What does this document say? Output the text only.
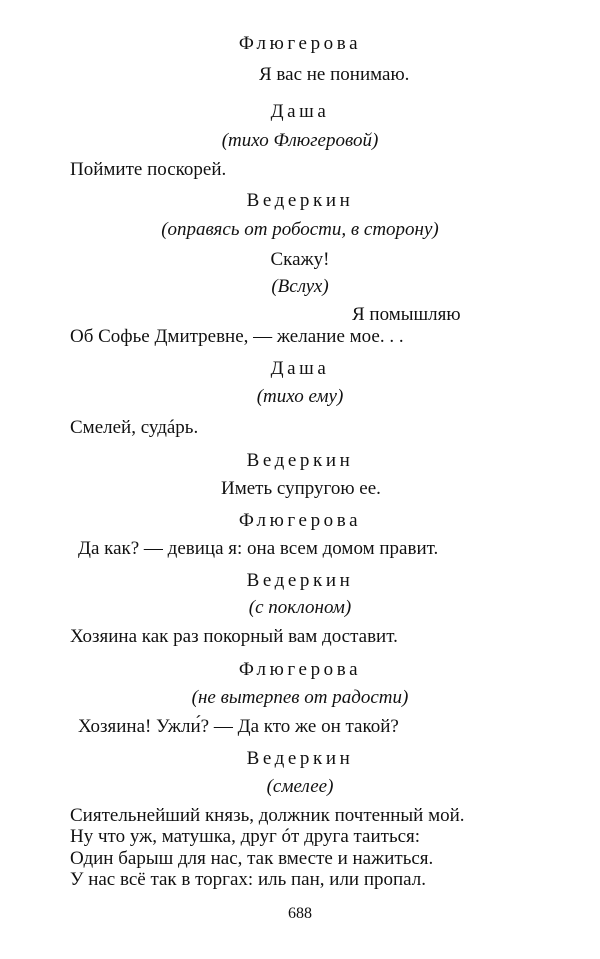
Флюгерова
Я вас не понимаю.
Даша
(тихо Флюгеровой)
Поймите поскорей.
Ведеркин
(оправясь от робости, в сторону)
Скажу!
(Вслух)
Я помышляю
Об Софье Дмитревне, — желание мое. . .
Даша
(тихо ему)
Смелей, судáрь.
Ведеркин
Иметь супругою ее.
Флюгерова
Да как? — девица я: она всем домом правит.
Ведеркин
(с поклоном)
Хозяина как раз покорный вам доставит.
Флюгерова
(не вытерпев от радости)
Хозяина! Ужли́? — Да кто же он такой?
Ведеркин
(смелее)
Сиятельнейший князь, должник почтенный мой.
Ну что уж, матушка, друг óт друга таиться:
Один барыш для нас, так вместе и нажиться.
У нас всё так в торгах: иль пан, или пропал.
688
